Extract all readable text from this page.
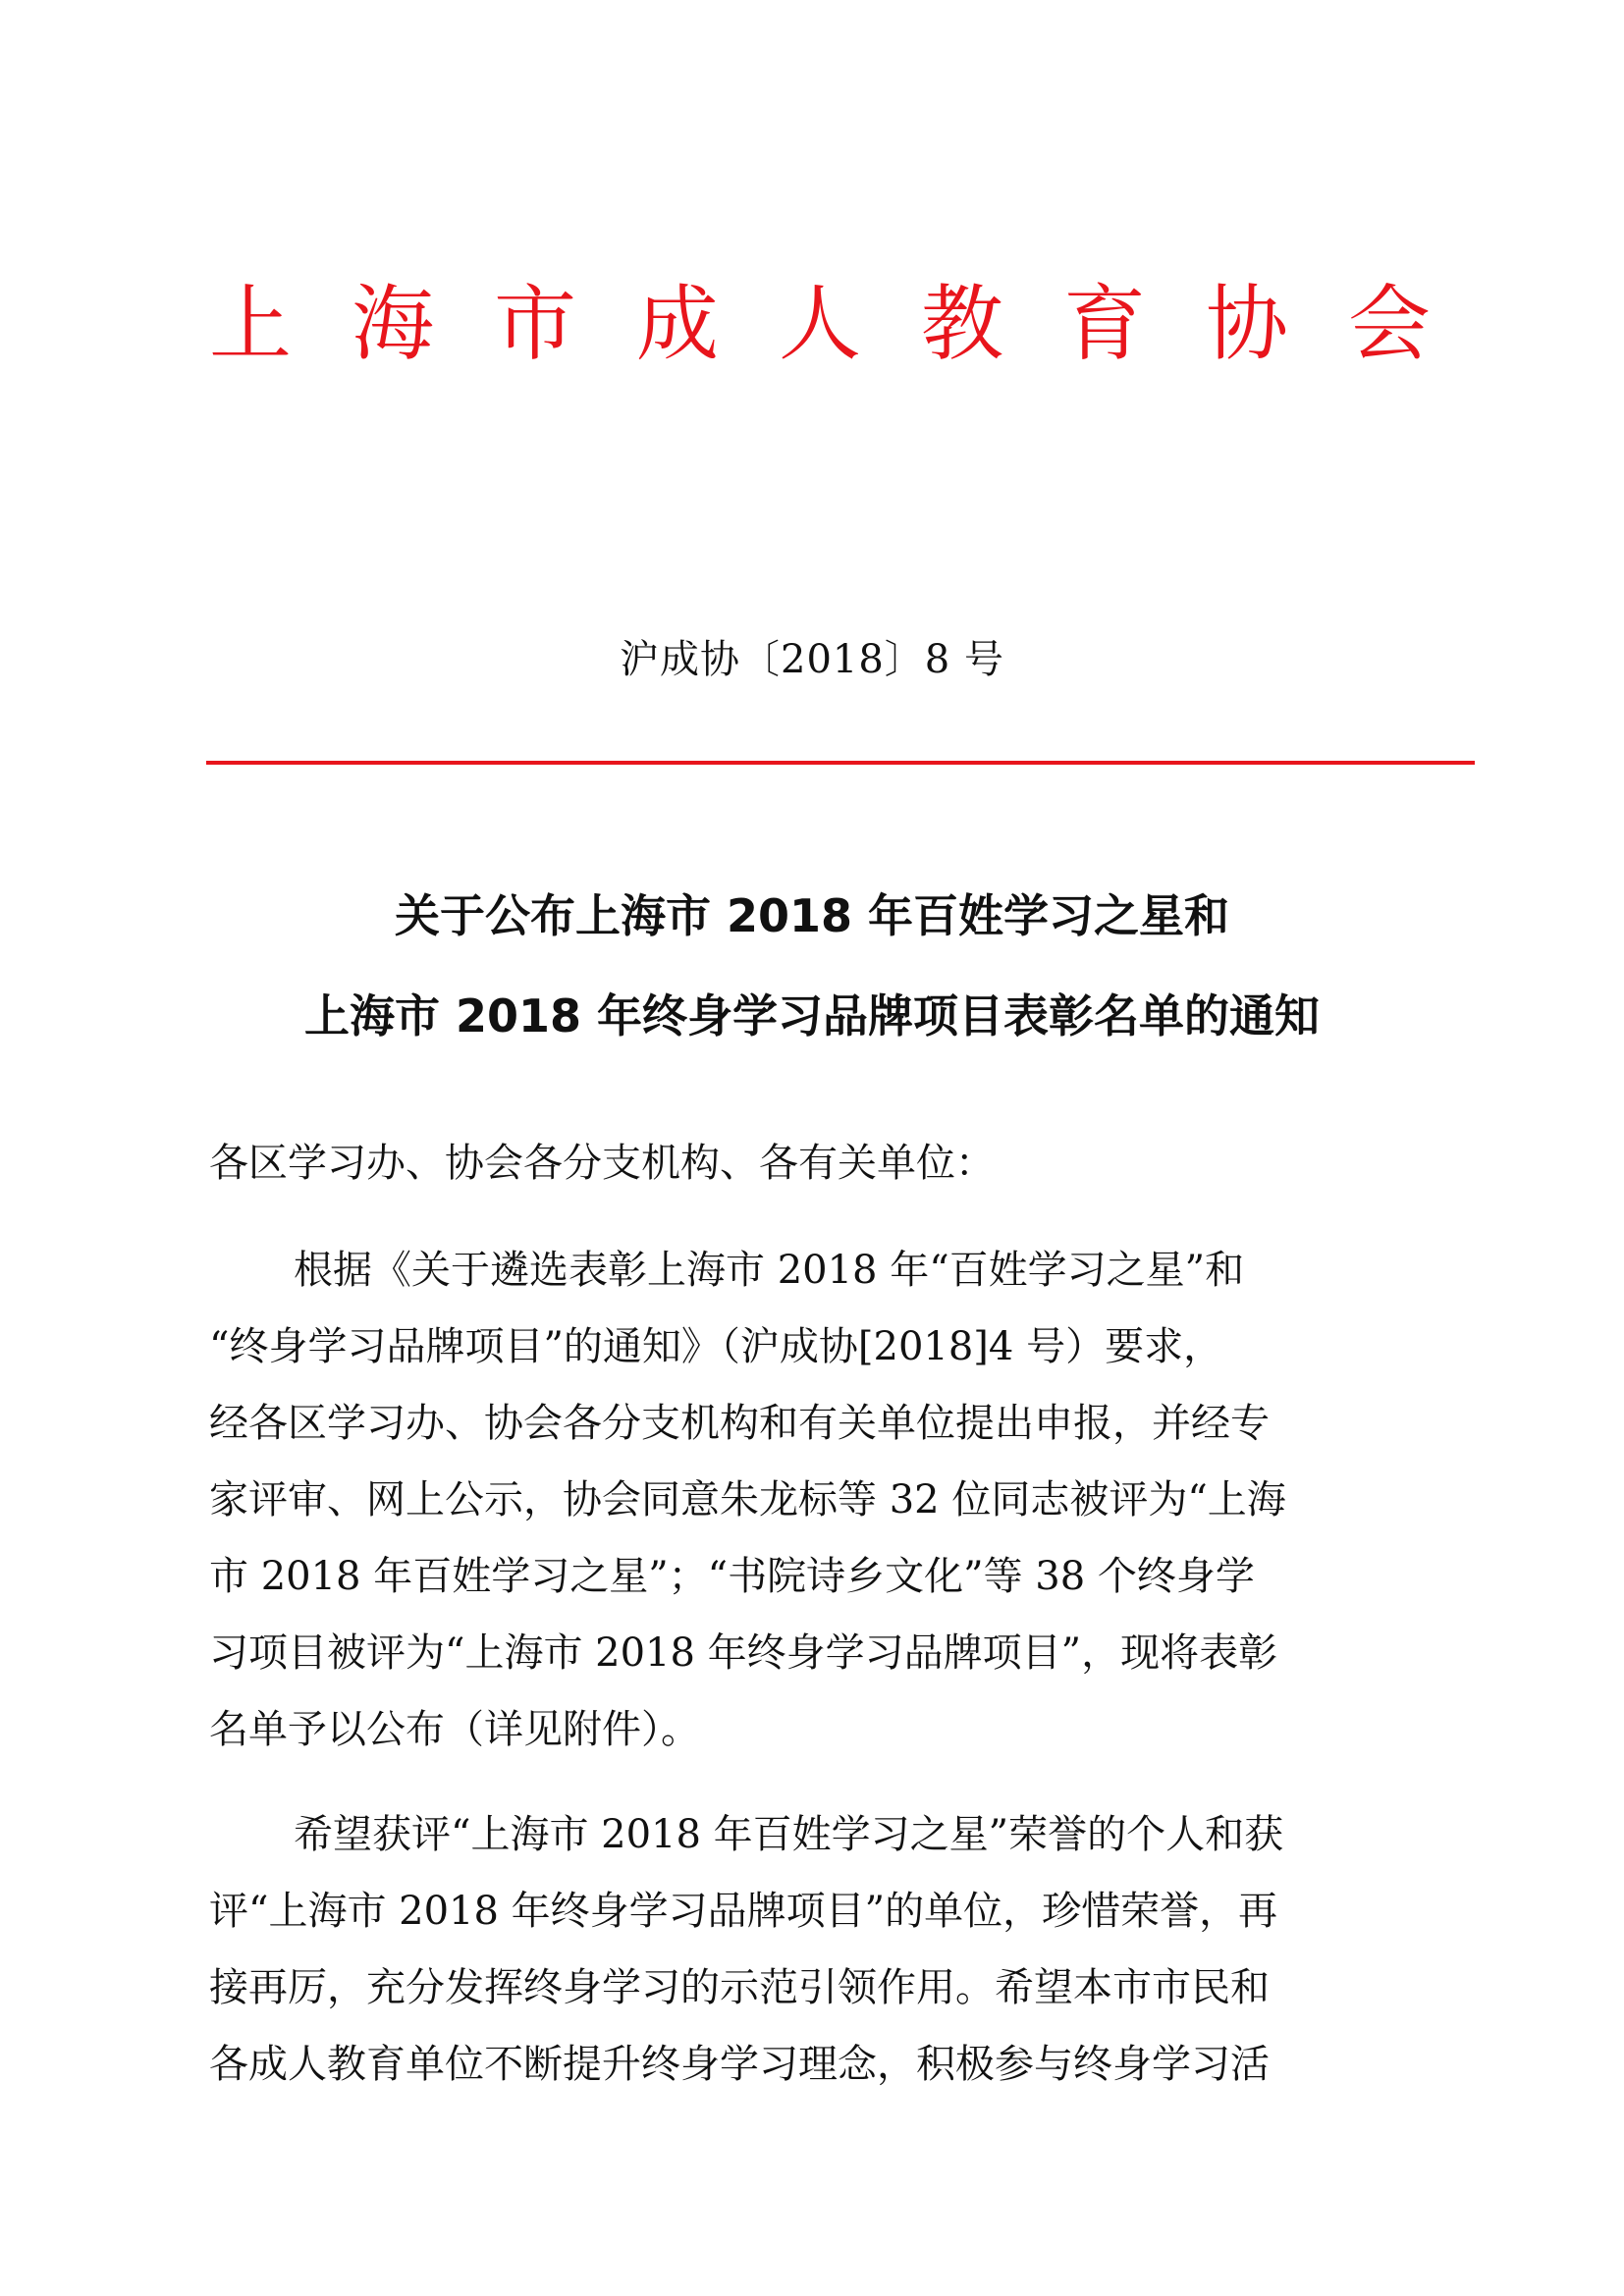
上 海 市 成 人 教 育 协 会
沪成协〔2018〕8 号
关于公布上海市 2018 年百姓学习之星和
上海市 2018 年终身学习品牌项目表彰名单的通知
各区学习办、协会各分支机构、各有关单位：
根据《关于遴选表彰上海市 2018 年“百姓学习之星”和
“终身学习品牌项目”的通知》（沪成协[2018]4 号）要求，
经各区学习办、协会各分支机构和有关单位提出申报，并经专
家评审、网上公示，协会同意朱龙标等 32 位同志被评为“上海
市 2018 年百姓学习之星”；“书院诗乡文化”等 38 个终身学
习项目被评为“上海市 2018 年终身学习品牌项目”，现将表彰
名单予以公布（详见附件）。
希望获评“上海市 2018 年百姓学习之星”荣誉的个人和获
评“上海市 2018 年终身学习品牌项目”的单位，珍惜荣誉，再
接再厉，充分发挥终身学习的示范引领作用。希望本市市民和
各成人教育单位不断提升终身学习理念，积极参与终身学习活
